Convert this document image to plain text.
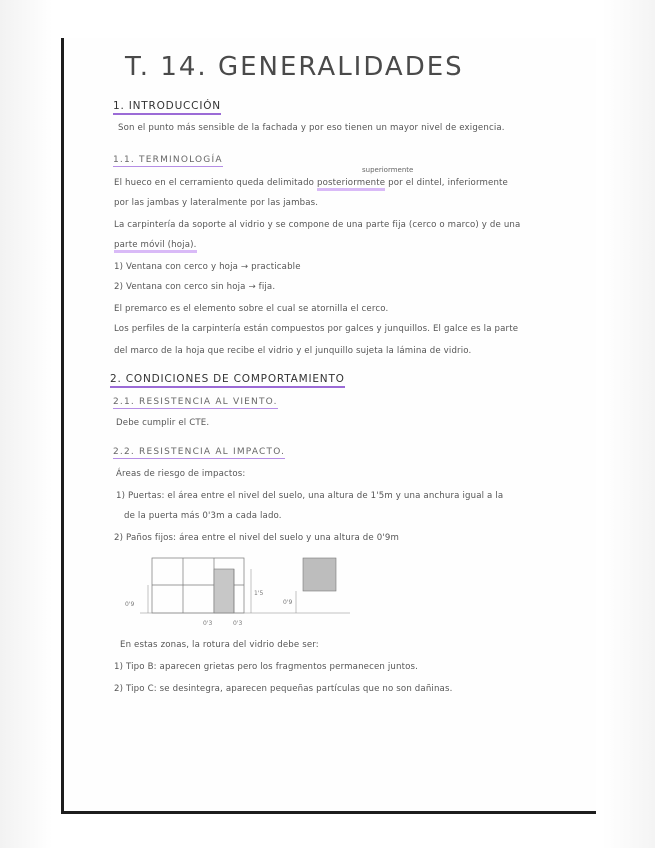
T. 14. GENERALIDADES
1. INTRODUCCIÓN
Son el punto más sensible de la fachada y por eso tienen un mayor nivel de exigencia.
1.1. TERMINOLOGÍA
superiormente
El hueco en el cerramiento queda delimitado posteriormente por el dintel, inferiormente
por las jambas y lateralmente por las jambas.
La carpintería da soporte al vidrio y se compone de una parte fija (cerco o marco) y de una
parte móvil (hoja).
1) Ventana con cerco y hoja → practicable
2) Ventana con cerco sin hoja → fija.
El premarco es el elemento sobre el cual se atornilla el cerco.
Los perfiles de la carpintería están compuestos por galces y junquillos. El galce es la parte
del marco de la hoja que recibe el vidrio y el junquillo sujeta la lámina de vidrio.
2. CONDICIONES DE COMPORTAMIENTO
2.1. RESISTENCIA AL VIENTO.
Debe cumplir el CTE.
2.2. RESISTENCIA AL IMPACTO.
Áreas de riesgo de impactos:
1) Puertas: el área entre el nivel del suelo, una altura de 1'5m y una anchura igual a la
de la puerta más 0'3m a cada lado.
2) Paños fijos: área entre el nivel del suelo y una altura de 0'9m
0'9
1'5
0'9
0'3	0'3
En estas zonas, la rotura del vidrio debe ser:
1) Tipo B: aparecen grietas pero los fragmentos permanecen juntos.
2) Tipo C: se desintegra, aparecen pequeñas partículas que no son dañinas.
